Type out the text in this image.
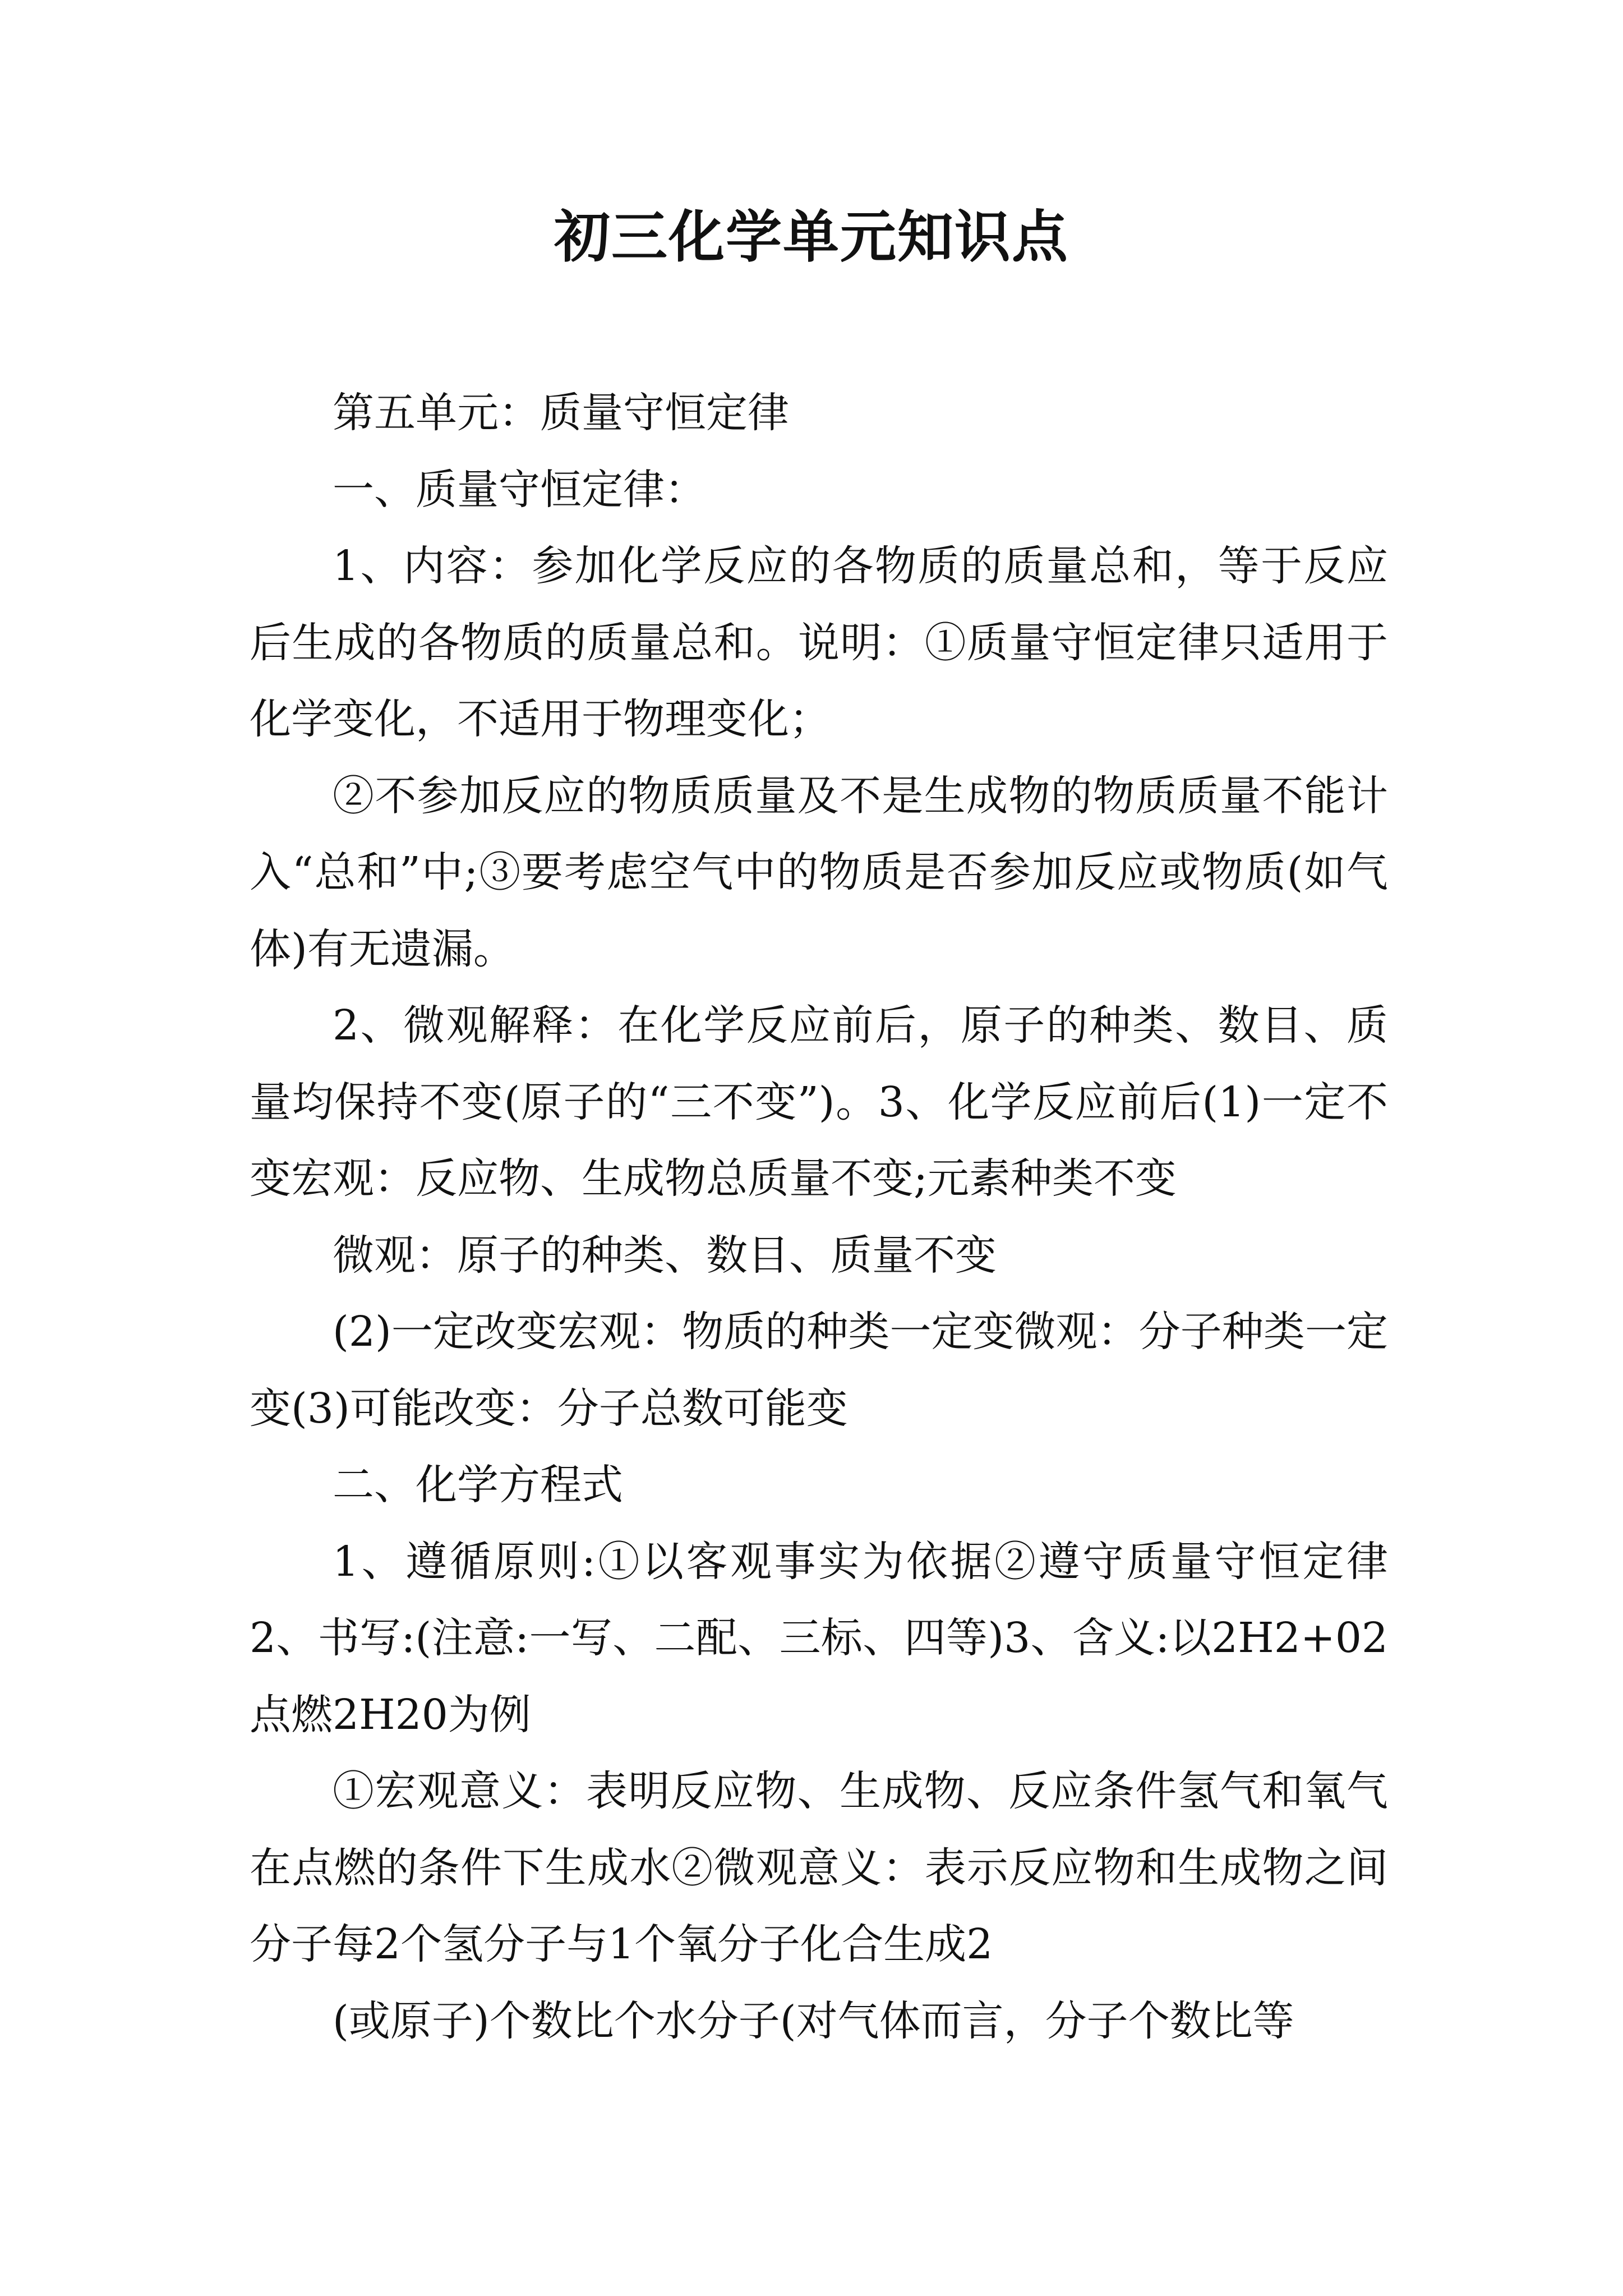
初三化学单元知识点

第五单元：质量守恒定律

一、质量守恒定律：

1、内容：参加化学反应的各物质的质量总和，等于反应后生成的各物质的质量总和。说明：①质量守恒定律只适用于化学变化，不适用于物理变化；

②不参加反应的物质质量及不是生成物的物质质量不能计入“总和”中;③要考虑空气中的物质是否参加反应或物质(如气体)有无遗漏。

2、微观解释：在化学反应前后，原子的种类、数目、质量均保持不变(原子的“三不变”)。3、化学反应前后(1)一定不变宏观：反应物、生成物总质量不变;元素种类不变

微观：原子的种类、数目、质量不变

(2)一定改变宏观：物质的种类一定变微观：分子种类一定变(3)可能改变：分子总数可能变

二、化学方程式

1、遵循原则:①以客观事实为依据②遵守质量守恒定律2、书写:(注意:一写、二配、三标、四等)3、含义:以2H2+02点燃2H20为例

①宏观意义：表明反应物、生成物、反应条件氢气和氧气在点燃的条件下生成水②微观意义：表示反应物和生成物之间分子每2个氢分子与1个氧分子化合生成2

(或原子)个数比个水分子(对气体而言，分子个数比等
